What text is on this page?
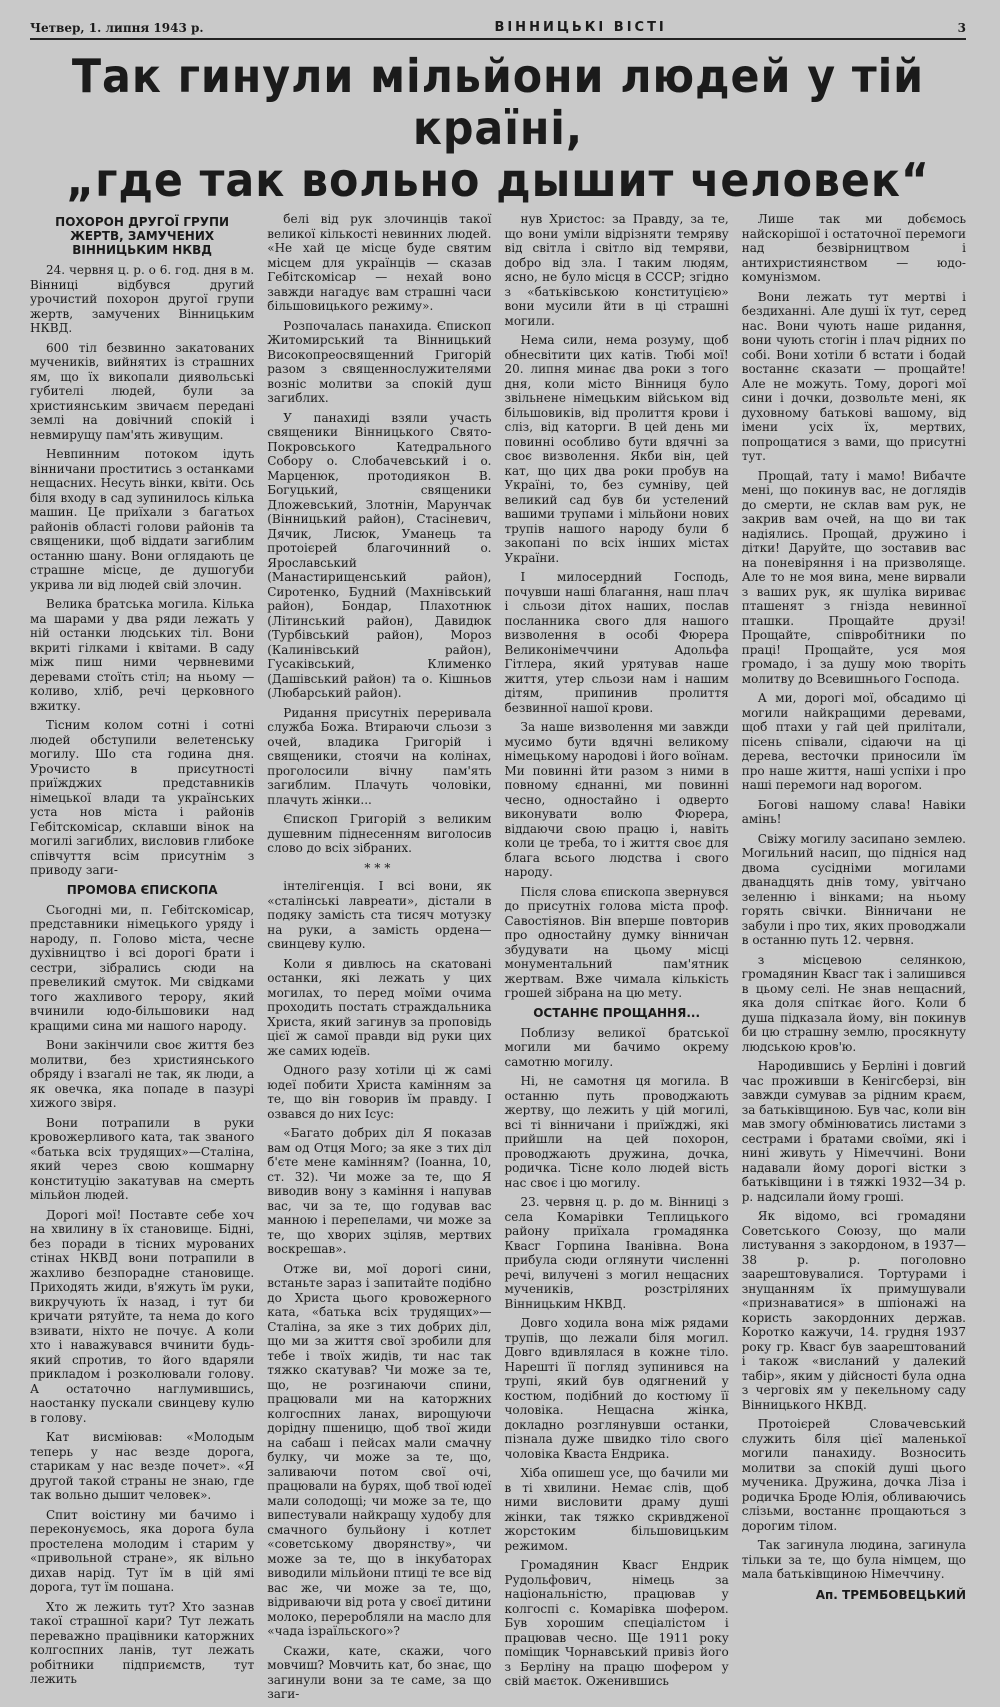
Четвер, 1. липня 1943 р.	ВІННИЦЬКІ ВІСТІ	3
Так гинули мільйони людей у тій країні,
„где так вольно дышит человек“
ПОХОРОН ДРУГОЇ ГРУПИ ЖЕРТВ, ЗАМУЧЕНИХ ВІННИЦЬКИМ НКВД

24. червня ц. р. о 6. год. дня в м. Вінниці відбувся другий урочистий похорон другої групи жертв, замучених Вінницьким НКВД.

600 тіл безвинно закатованих мучеників, вийнятих із страшних ям, що їх викопали диявольські губителі людей, були за християнським звичаєм передані землі на довічний спокій і невмирущу пам'ять живущим.

Невпинним потоком ідуть вінничани проститись з останками нещасних. Несуть вінки, квіти. Ось біля входу в сад зупинилось кілька машин. Це приїхали з багатьох районів області голови районів та священики, щоб віддати загиблим останню шану. Вони оглядають це страшне місце, де душогуби укрива ли від людей свій злочин.

Велика братська могила. Кілька ма шарами у два ряди лежать у ній останки людських тіл. Вони вкриті гілками і квітами. В саду між пиш ними червневими деревами стоїть стіл; на ньому — коливо, хліб, речі церковного вжитку.

Тісним колом сотні і сотні людей обступили велетенську могилу. Шо ста година дня. Урочисто в присутності приїжджих представників німецької влади та українських уста нов міста і районів Гебітскомісар, склавши вінок на могилі загиблих, висловив глибоке співчуття всім присутнім з приводу заги-

ПРОМОВА ЄПИСКОПА

Сьогодні ми, п. Гебітскомісар, представники німецького уряду і народу, п. Голово міста, чесне духівництво і всі дорогі брати і сестри, зібрались сюди на превеликий смуток. Ми свідками того жахливого терору, який вчинили юдо-більшовики над кращими сина ми нашого народу.

Вони закінчили своє життя без молитви, без християнського обряду і взагалі не так, як люди, а як овечка, яка попаде в пазурі хижого звіря.

Вони потрапили в руки кровожерливого ката, так званого «батька всіх трудящих»—Сталіна, який через свою кошмарну конституцію закатував на смерть мільйон людей.

Дорогі мої! Поставте себе хоч на хвилину в їх становище. Бідні, без поради в тісних мурованих стінах НКВД вони потрапили в жахливо безпорадне становище. Приходять жиди, в'яжуть їм руки, викручують їх назад, і тут би кричати рятуйте, та нема до кого взивати, ніхто не почує. А коли хто і наважувався вчинити будь-який спротив, то його вдаряли прикладом і розколювали голову. А остаточно наглумившись, наостанку пускали свинцеву кулю в голову.

Кат висміював: «Молодым теперь у нас везде дорога, старикам у нас везде почет». «Я другой такой страны не знаю, где так вольно дышит человек».

Спит воістину ми бачимо і переконуємось, яка дорога була простелена молодим і старим у «привольной стране», як вільно дихав нарід. Тут їм в цій ямі дорога, тут їм пошана.

Хто ж лежить тут? Хто зазнав такої страшної кари? Тут лежать переважно працівники каторжних колгоспних ланів, тут лежать робітники підприємств, тут лежить

белі від рук злочинців такої великої кількості невинних людей. «Не хай це місце буде святим місцем для українців — сказав Гебітскомісар — нехай воно завжди нагадує вам страшні часи більшовицького режиму».

Розпочалась панахида. Єпископ Житомирський та Вінницький Високопреосвященний Григорій разом з священнослужителями возніс молитви за спокій душ загиблих.

У панахиді взяли участь священики Вінницького Свято-Покровського Катедрального Собору о. Слобачевський і о. Марценюк, протодиякон В. Богуцький, священики Дложевський, Злотнін, Марунчак (Вінницький район), Стасіневич, Дячик, Лисюк, Уманець та протоієрей благочинний о. Ярославський (Манастирищенський район), Сиротенко, Будний (Махнівський район), Бондар, Плахотнюк (Літинський район), Давидюк (Турбівський район), Мороз (Калинівський район), Гусаківський, Клименко (Дашівський район) та о. Кішньов (Любарський район).

Ридання присутніх переривала служба Божа. Втираючи сльози з очей, владика Григорій і священики, стоячи на колінах, проголосили вічну пам'ять загиблим. Плачуть чоловіки, плачуть жінки...

Єпископ Григорій з великим душевним піднесенням виголосив слово до всіх зібраних.

***

інтелігенція. І всі вони, як «сталінські лавреати», дістали в подяку замість ста тисяч мотузку на руки, а замість ордена—свинцеву кулю.

Коли я дивлюсь на скатовані останки, які лежать у цих могилах, то перед моїми очима проходить постать страждальника Христа, який загинув за проповідь цієї ж самої правди від руки цих же самих юдеїв.

Одного разу хотіли ці ж самі юдеї побити Христа камінням за те, що він говорив їм правду. І озвався до них Ісус:

«Багато добрих діл Я показав вам од Отця Мого; за яке з тих діл б'єте мене камінням? (Іоанна, 10, ст. 32). Чи може за те, що Я виводив вону з каміння і напував вас, чи за те, що годував вас манною і перепелами, чи може за те, що хворих зціляв, мертвих воскрешав».

Отже ви, мої дорогі сини, встаньте зараз і запитайте подібно до Христа цього кровожерного ката, «батька всіх трудящих»—Сталіна, за яке з тих добрих діл, що ми за життя свої зробили для тебе і твоїх жидів, ти нас так тяжко скатував? Чи може за те, що, не розгинаючи спини, працювали ми на каторжних колгоспних ланах, вирощуючи дорідну пшеницю, щоб твої жиди на сабаш і пейсах мали смачну булку, чи може за те, що, заливаючи потом свої очі, працювали на бурях, щоб твої юдеї мали солодощі; чи може за те, що випестували найкращу худобу для смачного бульйону і котлет «советському дворянству», чи може за те, що в інкубаторах виводили мільйони птиці те все від вас же, чи може за те, що, відриваючи від рота у своєї дитини молоко, переробляли на масло для «чада ізраїльского»?

Скажи, кате, скажи, чого мовчиш? Мовчить кат, бо знає, що загинули вони за те саме, за що заги-

нув Христос: за Правду, за те, що вони уміли відрізняти темряву від світла і світло від темряви, добро від зла. І таким людям, ясно, не було місця в СССР; згідно з «батьківською конституцією» вони мусили йти в ці страшні могили.

Нема сили, нема розуму, щоб обнесвітити цих катів. Тюбі мої! 20. липня минає два роки з того дня, коли місто Вінниця було звільнене німецьким військом від більшовиків, від пролиття крови і сліз, від каторги. В цей день ми повинні особливо бути вдячні за своє визволення. Якби він, цей кат, що цих два роки пробув на Україні, то, без сумніву, цей великий сад був би устелений вашими трупами і мільйони нових трупів нашого народу були б закопані по всіх інших містах України.

І милосердний Господь, почувши наші благання, наш плач і сльози дітох наших, послав посланника свого для нашого визволення в особі Фюрера Великонімеччини Адольфа Гітлера, який урятував наше життя, утер сльози нам і нашим дітям, припинив пролиття безвинної нашої крови.

За наше визволення ми завжди мусимо бути вдячні великому німецькому народові і його воїнам. Ми повинні йти разом з ними в повному єднанні, ми повинні чесно, одностайно і одверто виконувати волю Фюрера, віддаючи свою працю і, навіть коли це треба, то і життя своє для блага всього людства і свого народу.

Після слова єпископа звернувся до присутніх голова міста проф. Савостіянов. Він вперше повторив про одностайну думку вінничан збудувати на цьому місці монументальний пам'ятник жертвам. Вже чимала кількість грошей зібрана на цю мету.

ОСТАННЄ ПРОЩАННЯ...

Поблизу великої братської могили ми бачимо окрему самотню могилу.

Ні, не самотня ця могила. В останню путь проводжають жертву, що лежить у цій могилі, всі ті вінничани і приїжджі, які прийшли на цей похорон, проводжають дружина, дочка, родичка. Тісне коло людей вість нас своє і цю могилу.

23. червня ц. р. до м. Вінниці з села Комарівки Теплицького району приїхала громадянка Квасг Горпина Іванівна. Вона прибула сюди оглянути численні речі, вилучені з могил нещасних мучеників, розстріляних Вінницьким НКВД.

Довго ходила вона між рядами трупів, що лежали біля могил. Довго вдивлялася в кожне тіло. Нарешті її погляд зупинився на трупі, який був одягнений у костюм, подібний до костюму її чоловіка. Нещасна жінка, докладно розглянувши останки, пізнала дуже швидко тіло свого чоловіка Кваста Ендрика.

Хіба опишеш усе, що бачили ми в ті хвилини. Немає слів, щоб ними висловити драму душі жінки, так тяжко скривдженої жорстоким більшовицьким режимом.

Громадянин Квасг Ендрик Рудольфович, німець за національністю, працював у колгоспі с. Комарівка шофером. Був хорошим спеціалістом і працював чесно. Ще 1911 року поміщик Чорнавський привіз його з Берліну на працю шофером у свій маєток. Оженившись

Лише так ми добємось найскорішої і остаточної перемоги над безвірництвом і антихристиянством — юдо-комунізмом.

Вони лежать тут мертві і бездиханні. Але душі їх тут, серед нас. Вони чують наше ридання, вони чують стогін і плач рідних по собі. Вони хотіли б встати і бодай востаннє сказати — прощайте! Але не можуть. Тому, дорогі мої сини і дочки, дозвольте мені, як духовному батькові вашому, від імени усіх їх, мертвих, попрощатися з вами, що присутні тут.

Прощай, тату і мамо! Вибачте мені, що покинув вас, не доглядів до смерти, не склав вам рук, не закрив вам очей, на що ви так надіялись. Прощай, дружино і дітки! Даруйте, що зоставив вас на поневіряння і на призволяще. Але то не моя вина, мене вирвали з ваших рук, як шуліка вириває пташенят з гнізда невинної пташки. Прощайте друзі! Прощайте, співробітники по праці! Прощайте, уся моя громадо, і за душу мою творіть молитву до Всевишнього Господа.

А ми, дорогі мої, обсадимо ці могили найкращими деревами, щоб птахи у гай цей прилітали, пісень співали, сідаючи на ці дерева, весточки приносили їм про наше життя, наші успіхи і про наші перемоги над ворогом.

Богові нашому слава! Навіки амінь!

Свіжу могилу засипано землею. Могильний насип, що підніся над двома сусідніми могилами дванадцять днів тому, увітчано зеленню і вінками; на ньому горять свічки. Вінничани не забули і про тих, яких проводжали в останню путь 12. червня.

з місцевою селянкою, громадянин Квасг так і залишився в цьому селі. Не знав нещасний, яка доля спіткає його. Коли б душа підказала йому, він покинув би цю страшну землю, просякнуту людською кров'ю.

Народившись у Берліні і довгий час проживши в Кенігсберзі, він завжди сумував за рідним краєм, за батьківщиною. Був час, коли він мав змогу обмінюватись листами з сестрами і братами своїми, які і нині живуть у Німеччині. Вони надавали йому дорогі вістки з батьківщини і в тяжкі 1932—34 р. р. надсилали йому гроші.

Як відомо, всі громадяни Советського Союзу, що мали листування з закордоном, в 1937—38 р. р. поголовно заарештовувалися. Тортурами і знущанням їх примушували «признаватися» в шпіонажі на користь закордонних держав. Коротко кажучи, 14. грудня 1937 року гр. Квасг був заарештований і також «висланий у далекий табір», яким у дійсності була одна з черговіх ям у пекельному саду Вінницького НКВД.

Протоієрей Словачевський служить біля цієї маленької могили панахиду. Возносить молитви за спокій душі цього мученика. Дружина, дочка Ліза і родичка Броде Юлія, обливаючись слізьми, востаннє прощаються з дорогим тілом.

Так загинула людина, загинула тільки за те, що була німцем, що мала батьківщиною Німеччину.

Ап. ТРЕМБОВЕЦЬКИЙ
